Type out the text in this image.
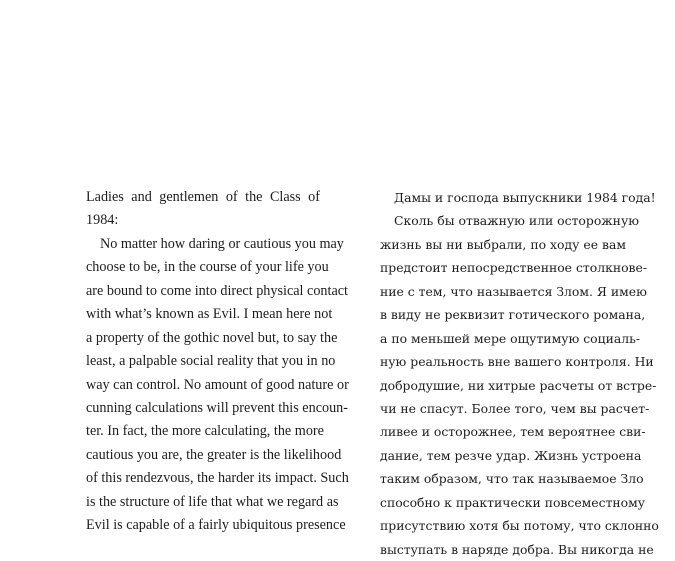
Ladies and gentlemen of the Class of
1984:
No matter how daring or cautious you may
choose to be, in the course of your life you
are bound to come into direct physical contact
with what’s known as Evil. I mean here not
a property of the gothic novel but, to say the
least, a palpable social reality that you in no
way can control. No amount of good nature or
cunning calculations will prevent this encoun-
ter. In fact, the more calculating, the more
cautious you are, the greater is the likelihood
of this rendezvous, the harder its impact. Such
is the structure of life that what we regard as
Evil is capable of a fairly ubiquitous presence
Дамы и господа выпускники 1984 года!
Сколь бы отважную или осторожную
жизнь вы ни выбрали, по ходу ее вам
предстоит непосредственное столкнове-
ние с тем, что называется Злом. Я имею
в виду не реквизит готического романа,
а по меньшей мере ощутимую социаль-
ную реальность вне вашего контроля. Ни
добродушие, ни хитрые расчеты от встре-
чи не спасут. Более того, чем вы расчет-
ливее и осторожнее, тем вероятнее сви-
дание, тем резче удар. Жизнь устроена
таким образом, что так называемое Зло
способно к практически повсеместному
присутствию хотя бы потому, что склонно
выступать в наряде добра. Вы никогда не
